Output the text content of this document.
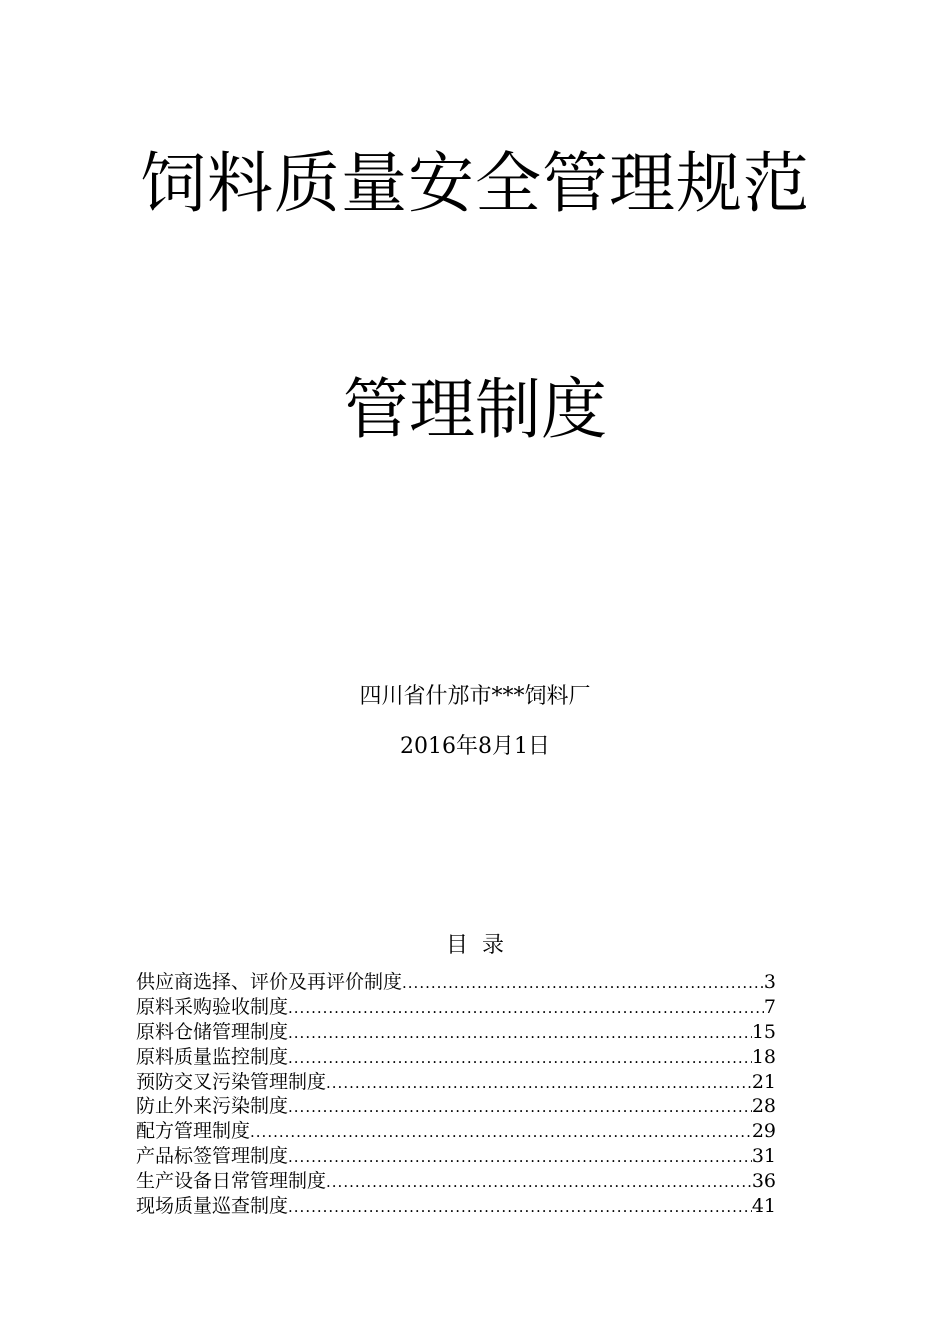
饲料质量安全管理规范
管理制度
四川省什邡市***饲料厂
2016年8月1日
目  录
供应商选择、评价及再评价制度 .....	3
原料采购验收制度 .....	7
原料仓储管理制度 .....	15
原料质量监控制度 .....	18
预防交叉污染管理制度 .....	21
防止外来污染制度 .....	28
配方管理制度 .....	29
产品标签管理制度 .....	31
生产设备日常管理制度 .....	36
现场质量巡查制度 .....	41
